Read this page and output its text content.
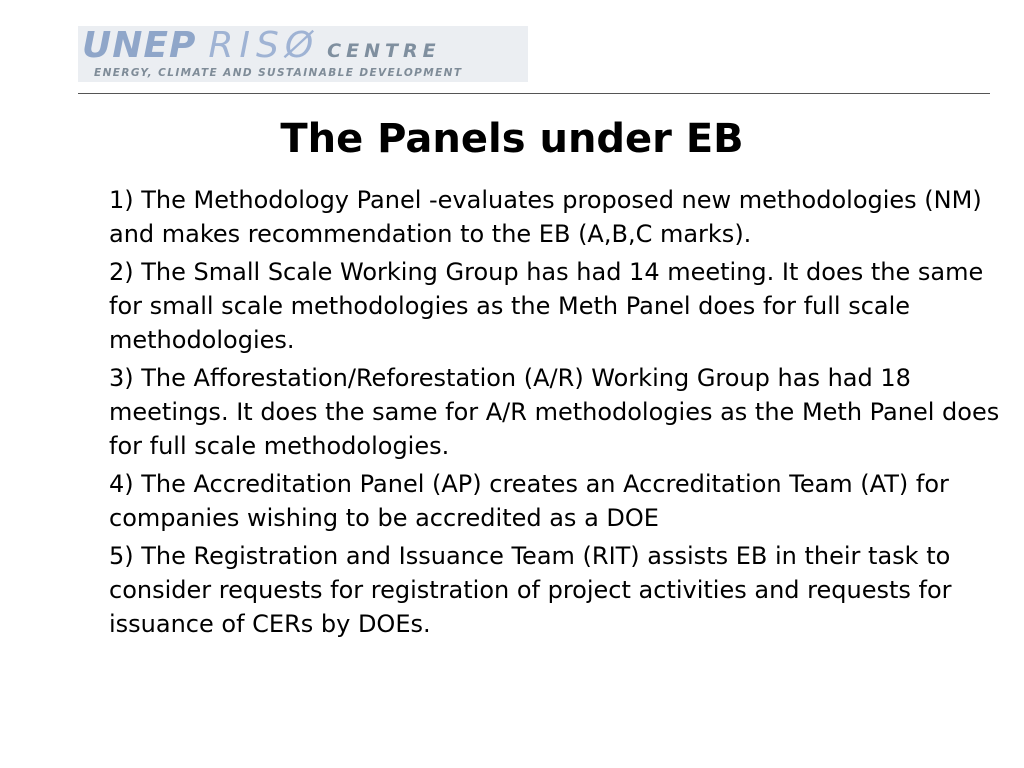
UNEP RISØ CENTRE
ENERGY, CLIMATE AND SUSTAINABLE DEVELOPMENT
The Panels under EB
1) The Methodology Panel -evaluates proposed new methodologies (NM) and makes recommendation to the EB (A,B,C marks).
2) The Small Scale Working Group has had 14 meeting. It does the same for small scale methodologies as the Meth Panel does for full scale methodologies.
3) The Afforestation/Reforestation (A/R) Working Group has had 18 meetings. It does the same for A/R methodologies as the Meth Panel does for full scale methodologies.
4) The Accreditation Panel (AP) creates an Accreditation Team (AT) for companies wishing to be accredited as a DOE
5) The Registration and Issuance Team (RIT) assists EB in their task to consider requests for registration of project activities and requests for issuance of CERs by DOEs.
